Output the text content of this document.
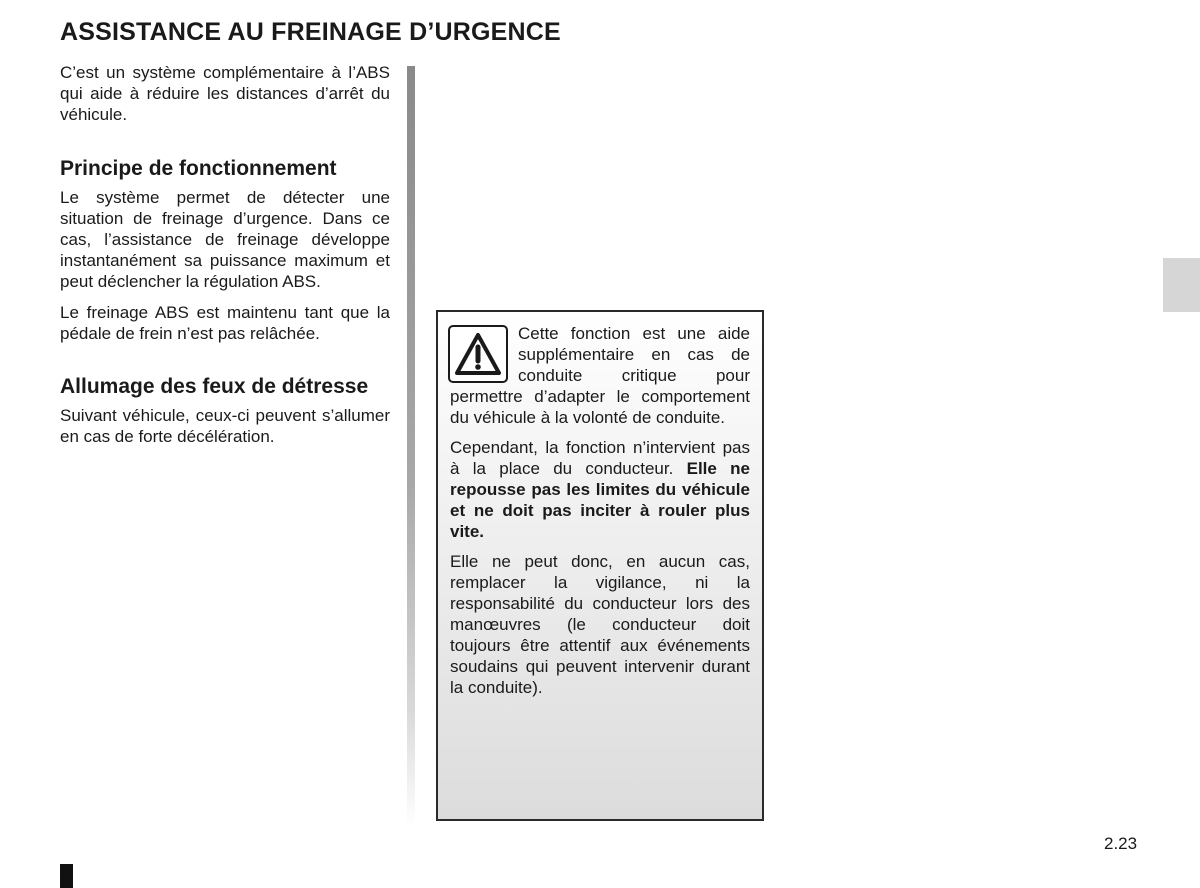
ASSISTANCE AU FREINAGE D’URGENCE

C’est un système complémentaire à l’ABS qui aide à réduire les distances d’arrêt du véhicule.

Principe de fonctionnement

Le système permet de détecter une situation de freinage d’urgence. Dans ce cas, l’assistance de freinage développe instantanément sa puissance maximum et peut déclencher la régulation ABS.

Le freinage ABS est maintenu tant que la pédale de frein n’est pas relâchée.

Allumage des feux de détresse

Suivant véhicule, ceux-ci peuvent s’allumer en cas de forte décélération.

Cette fonction est une aide supplémentaire en cas de conduite critique pour permettre d’adapter le comportement du véhicule à la volonté de conduite.

Cependant, la fonction n’intervient pas à la place du conducteur. Elle ne repousse pas les limites du véhicule et ne doit pas inciter à rouler plus vite.

Elle ne peut donc, en aucun cas, remplacer la vigilance, ni la responsabilité du conducteur lors des manœuvres (le conducteur doit toujours être attentif aux événements soudains qui peuvent intervenir durant la conduite).

2.23
